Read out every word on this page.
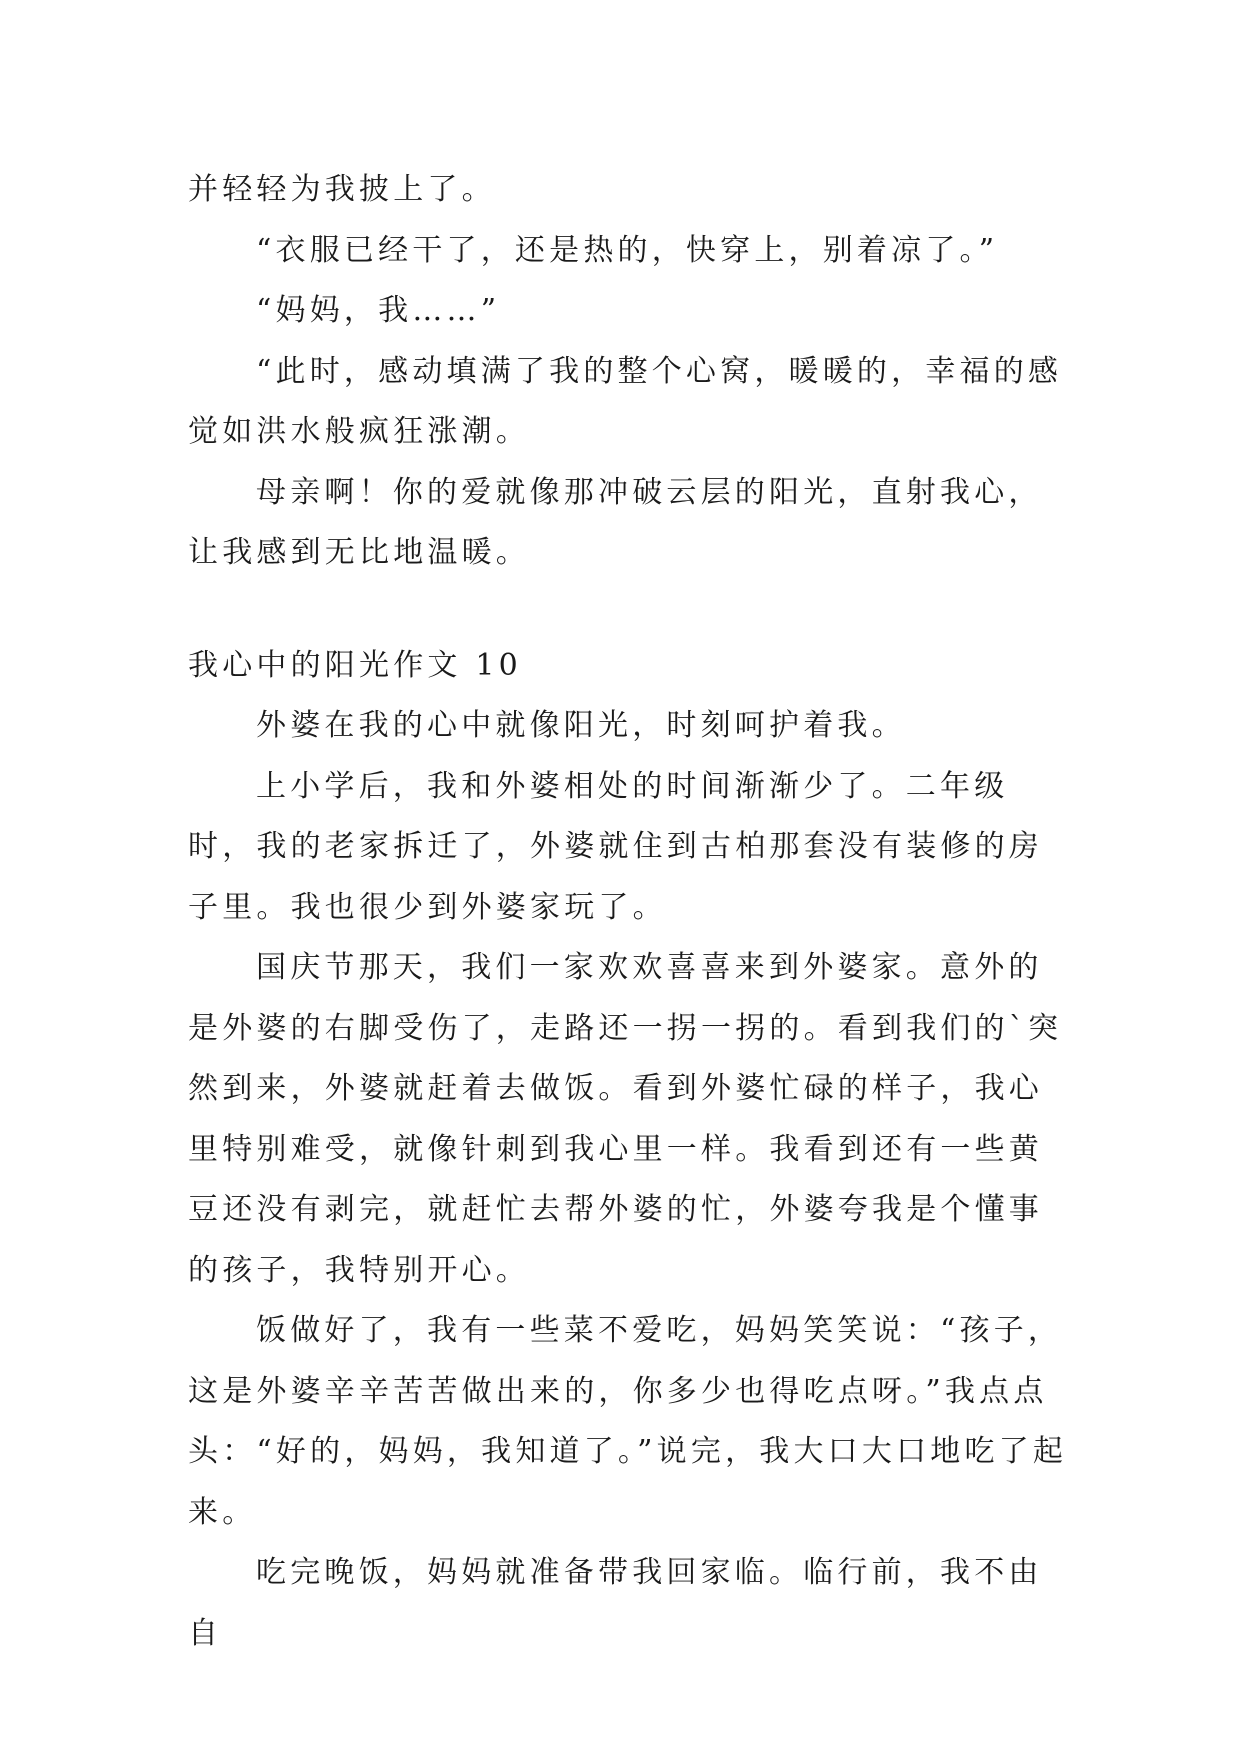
并轻轻为我披上了。

“衣服已经干了，还是热的，快穿上，别着凉了。”

“妈妈，我……”

“此时，感动填满了我的整个心窝，暖暖的，幸福的感觉如洪水般疯狂涨潮。

母亲啊！你的爱就像那冲破云层的阳光，直射我心，让我感到无比地温暖。

我心中的阳光作文 10

外婆在我的心中就像阳光，时刻呵护着我。

上小学后，我和外婆相处的时间渐渐少了。二年级时，我的老家拆迁了，外婆就住到古柏那套没有装修的房子里。我也很少到外婆家玩了。

国庆节那天，我们一家欢欢喜喜来到外婆家。意外的是外婆的右脚受伤了，走路还一拐一拐的。看到我们的`突然到来，外婆就赶着去做饭。看到外婆忙碌的样子，我心里特别难受，就像针刺到我心里一样。我看到还有一些黄豆还没有剥完，就赶忙去帮外婆的忙，外婆夸我是个懂事的孩子，我特别开心。

饭做好了，我有一些菜不爱吃，妈妈笑笑说：“孩子，这是外婆辛辛苦苦做出来的，你多少也得吃点呀。”我点点头：“好的，妈妈，我知道了。”说完，我大口大口地吃了起来。

吃完晚饭，妈妈就准备带我回家临。临行前，我不由自
